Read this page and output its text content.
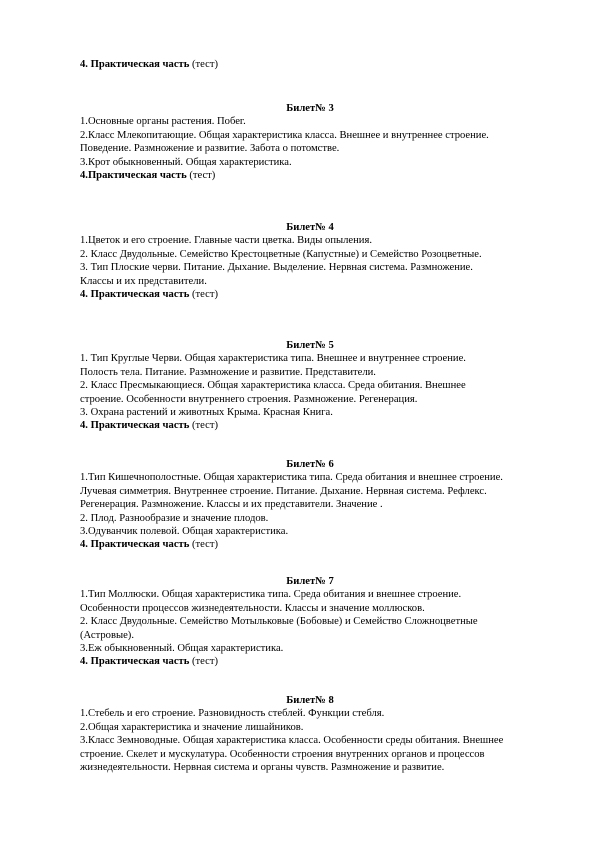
4. Практическая часть (тест)
Билет№ 3
1.Основные органы растения. Побег.
2.Класс Млекопитающие. Общая характеристика класса. Внешнее и внутреннее строение.
Поведение. Размножение и развитие. Забота о потомстве.
3.Крот обыкновенный. Общая характеристика.
4.Практическая часть (тест)
Билет№ 4
1.Цветок и его строение. Главные части цветка. Виды опыления.
2. Класс Двудольные. Семейство Крестоцветные (Капустные) и Семейство Розоцветные.
3. Тип Плоские черви. Питание. Дыхание. Выделение. Нервная система. Размножение.
Классы и их представители.
4. Практическая часть (тест)
Билет№ 5
1. Тип Круглые Черви. Общая характеристика типа. Внешнее и внутреннее строение.
Полость тела. Питание. Размножение и развитие. Представители.
2. Класс Пресмыкающиеся. Общая характеристика класса. Среда обитания. Внешнее
строение. Особенности внутреннего строения. Размножение. Регенерация.
3. Охрана растений и животных Крыма. Красная Книга.
4. Практическая часть (тест)
Билет№ 6
1.Тип Кишечнополостные. Общая характеристика типа. Среда обитания и внешнее строение.
Лучевая симметрия. Внутреннее строение. Питание. Дыхание. Нервная система. Рефлекс.
Регенерация. Размножение. Классы и их представители. Значение .
2. Плод. Разнообразие и значение плодов.
3.Одуванчик полевой. Общая характеристика.
4. Практическая часть (тест)
Билет№ 7
1.Тип Моллюски. Общая характеристика типа. Среда обитания и внешнее строение.
Особенности процессов жизнедеятельности. Классы и значение моллюсков.
2. Класс Двудольные. Семейство Мотыльковые (Бобовые) и Семейство Сложноцветные
(Астровые).
3.Еж обыкновенный. Общая характеристика.
4. Практическая часть (тест)
Билет№ 8
1.Стебель и его строение. Разновидность стеблей. Функции стебля.
2.Общая характеристика и значение лишайников.
3.Класс Земноводные. Общая характеристика класса. Особенности среды обитания. Внешнее
строение. Скелет и мускулатура. Особенности строения внутренних органов и процессов
жизнедеятельности. Нервная система и органы чувств. Размножение и развитие.
